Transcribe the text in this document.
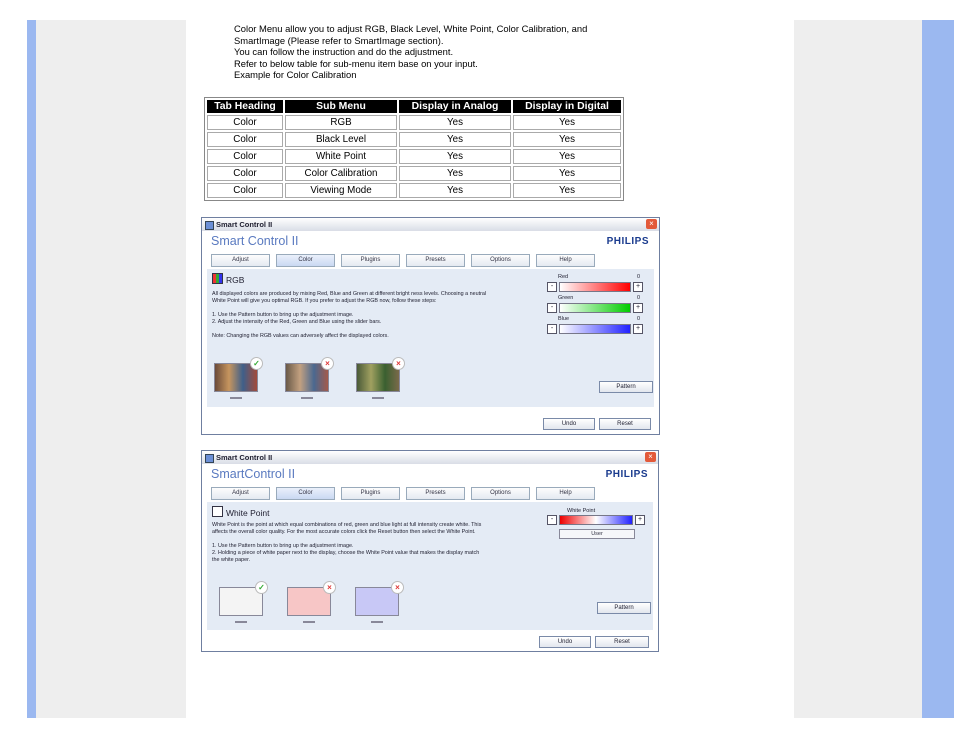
Color Menu allow you to adjust RGB, Black Level, White Point, Color Calibration, and
SmartImage (Please refer to SmartImage section).
You can follow the instruction and do the adjustment.
Refer to below table for sub-menu item base on your input.
Example for Color Calibration
Tab Heading	Sub Menu	Display in Analog	Display in Digital
Color	RGB	Yes	Yes
Color	Black Level	Yes	Yes
Color	White Point	Yes	Yes
Color	Color Calibration	Yes	Yes
Color	Viewing Mode	Yes	Yes
Smart Control II	×
Smart Control II	PHILIPS
Adjust	Color	Plugins	Presets	Options	Help
RGB
All displayed colors are produced by mixing Red, Blue and Green at different bright ness levels. Choosing a neutral
White Point will give you optimal RGB. If you prefer to adjust the RGB now, follow these steps:

1. Use the Pattern button to bring up the adjustment image.
2. Adjust the intensity of the Red, Green and Blue using the slider bars.

Note: Changing the RGB values can adversely affect the displayed colors.
Red	0
-	+
Green	0
-	+
Blue	0
-	+
✓	×	×
Pattern
Undo	Reset
Smart Control II	×
SmartControl II	PHILIPS
Adjust	Color	Plugins	Presets	Options	Help
White Point
White Point is the point at which equal combinations of red, green and blue light at full intensity create white. This
affects the overall color quality. For the most accurate colors click the Reset button then select the White Point.

1. Use the Pattern button to bring up the adjustment image.
2. Holding a piece of white paper next to the display, choose the White Point value that makes the display match
the white paper.
White Point
-	+
User
✓	×	×
Pattern
Undo	Reset
